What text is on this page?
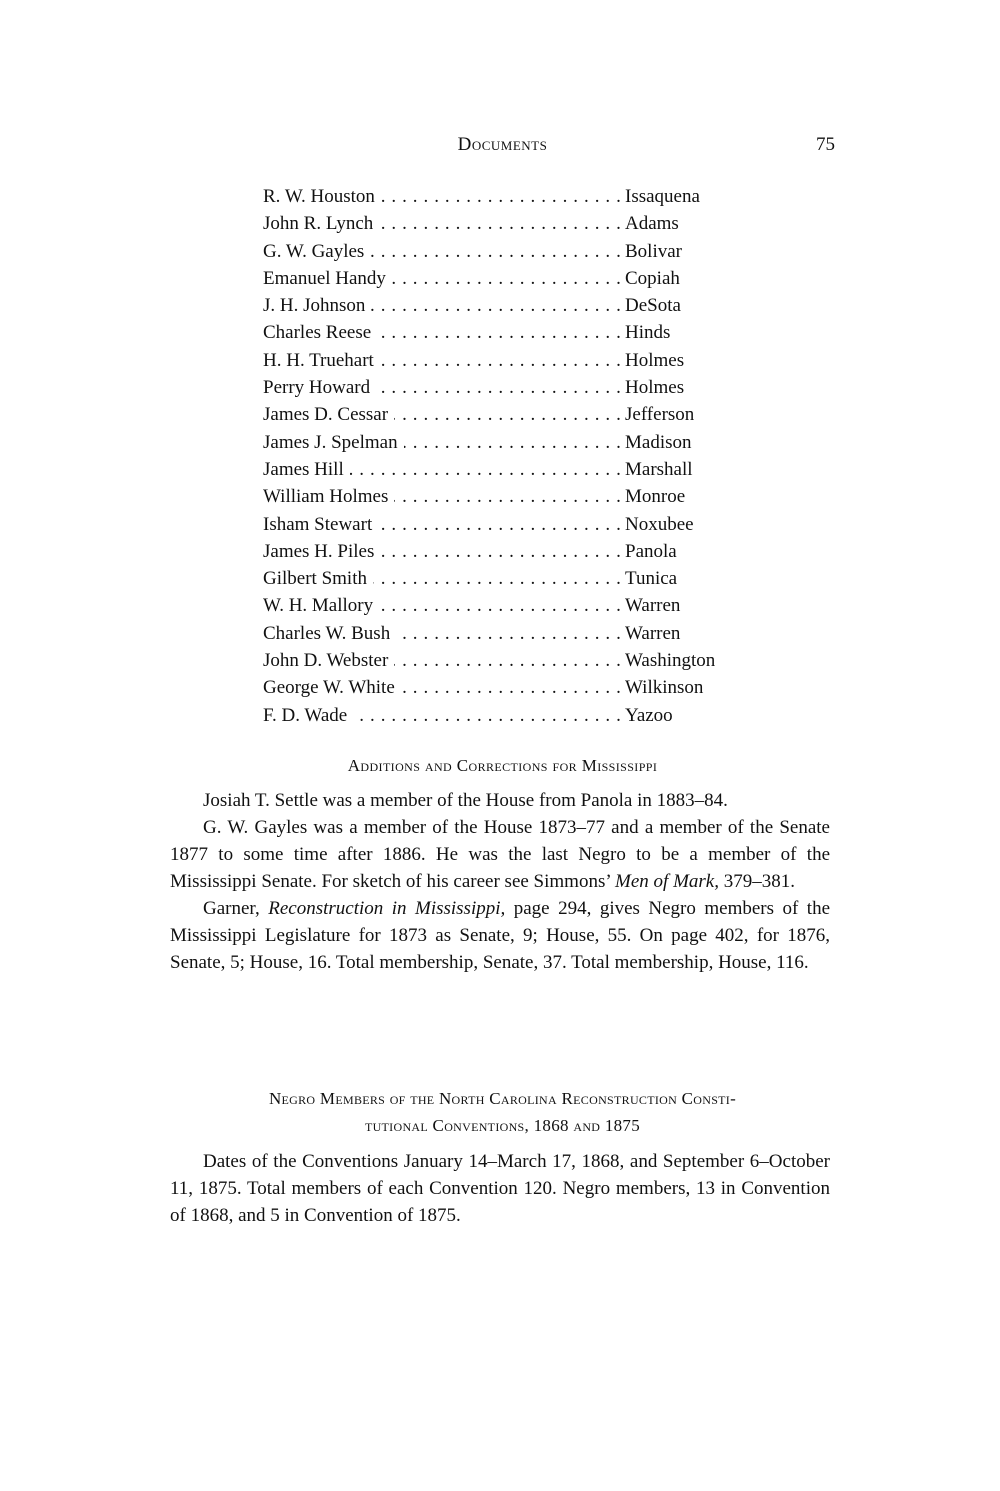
Documents	75
. . .
R. W. Houston	Issaquena
. . .
John R. Lynch	Adams
. . .
G. W. Gayles	Bolivar
. . .
Emanuel Handy	Copiah
. . .
J. H. Johnson	DeSota
. . .
Charles Reese	Hinds
. . .
H. H. Truehart	Holmes
. . .
Perry Howard	Holmes
. . .
James D. Cessar	Jefferson
. . .
James J. Spelman	Madison
. . .
James Hill	Marshall
. . .
William Holmes	Monroe
. . .
Isham Stewart	Noxubee
. . .
James H. Piles	Panola
. . .
Gilbert Smith	Tunica
. . .
W. H. Mallory	Warren
. . .
Charles W. Bush	Warren
. . .
John D. Webster	Washington
. . .
George W. White	Wilkinson
. . .
F. D. Wade	Yazoo
Additions and Corrections for Mississippi

Josiah T. Settle was a member of the House from Panola in 1883–84.

G. W. Gayles was a member of the House 1873–77 and a member of the Senate 1877 to some time after 1886. He was the last Negro to be a member of the Mississippi Senate. For sketch of his career see Simmons’ Men of Mark, 379–381.

Garner, Reconstruction in Mississippi, page 294, gives Negro members of the Mississippi Legislature for 1873 as Senate, 9; House, 55. On page 402, for 1876, Senate, 5; House, 16. Total membership, Senate, 37. Total membership, House, 116.

Negro Members of the North Carolina Reconstruction Consti-
tutional Conventions, 1868 and 1875

Dates of the Conventions January 14–March 17, 1868, and September 6–October 11, 1875. Total members of each Convention 120. Negro members, 13 in Convention of 1868, and 5 in Convention of 1875.
